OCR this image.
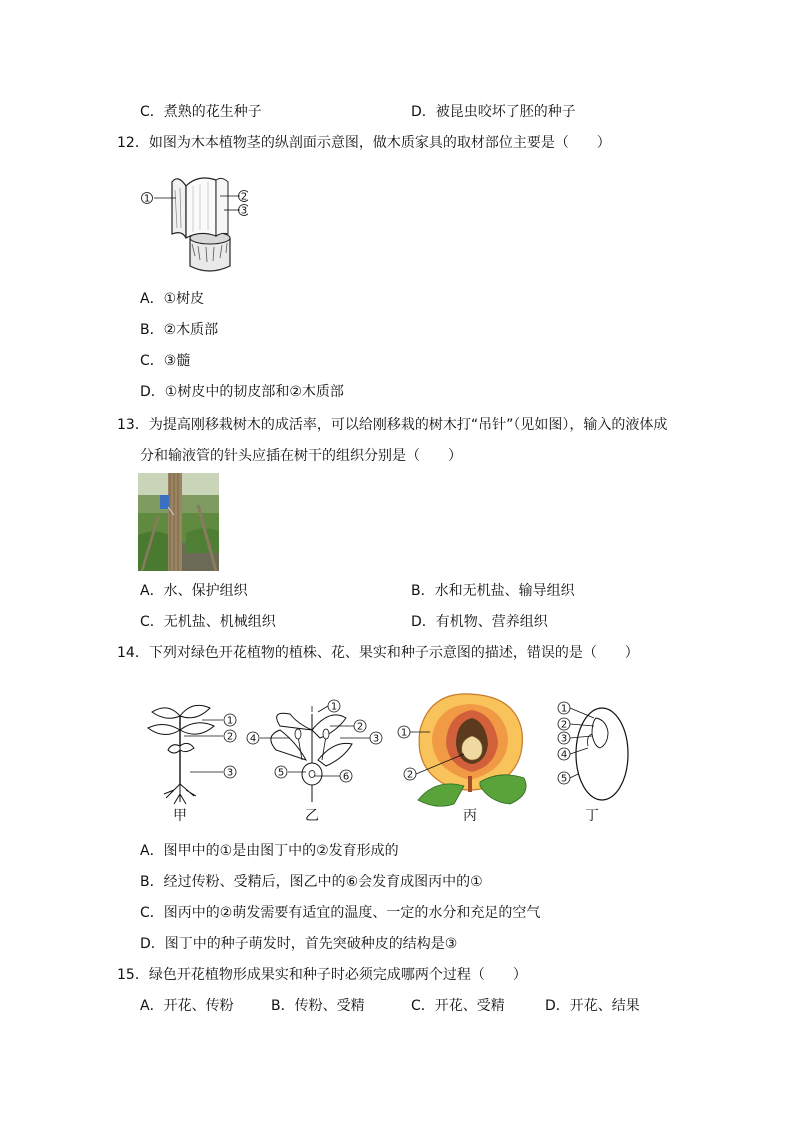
C．煮熟的花生种子	D．被昆虫咬坏了胚的种子
12．如图为木本植物茎的纵剖面示意图，做木质家具的取材部位主要是（　　）
1	2
3
A．①树皮
B．②木质部
C．③髓
D．①树皮中的韧皮部和②木质部
13．为提高刚移栽树木的成活率，可以给刚移栽的树木打“吊针”（见如图），输入的液体成
分和输液管的针头应插在树干的组织分别是（　　）
A．水、保护组织	B．水和无机盐、输导组织
C．无机盐、机械组织	D．有机物、营养组织
14．下列对绿色开花植物的植株、花、果实和种子示意图的描述，错误的是（　　）
1
2
3
甲
1
2
3
4
5	6
乙
1
2
丙
1
2
3
4
5
丁
A．图甲中的①是由图丁中的②发育形成的
B．经过传粉、受精后，图乙中的⑥会发育成图丙中的①
C．图丙中的②萌发需要有适宜的温度、一定的水分和充足的空气
D．图丁中的种子萌发时，首先突破种皮的结构是③
15．绿色开花植物形成果实和种子时必须完成哪两个过程（　　）
A．开花、传粉	B．传粉、受精	C．开花、受精	D．开花、结果
